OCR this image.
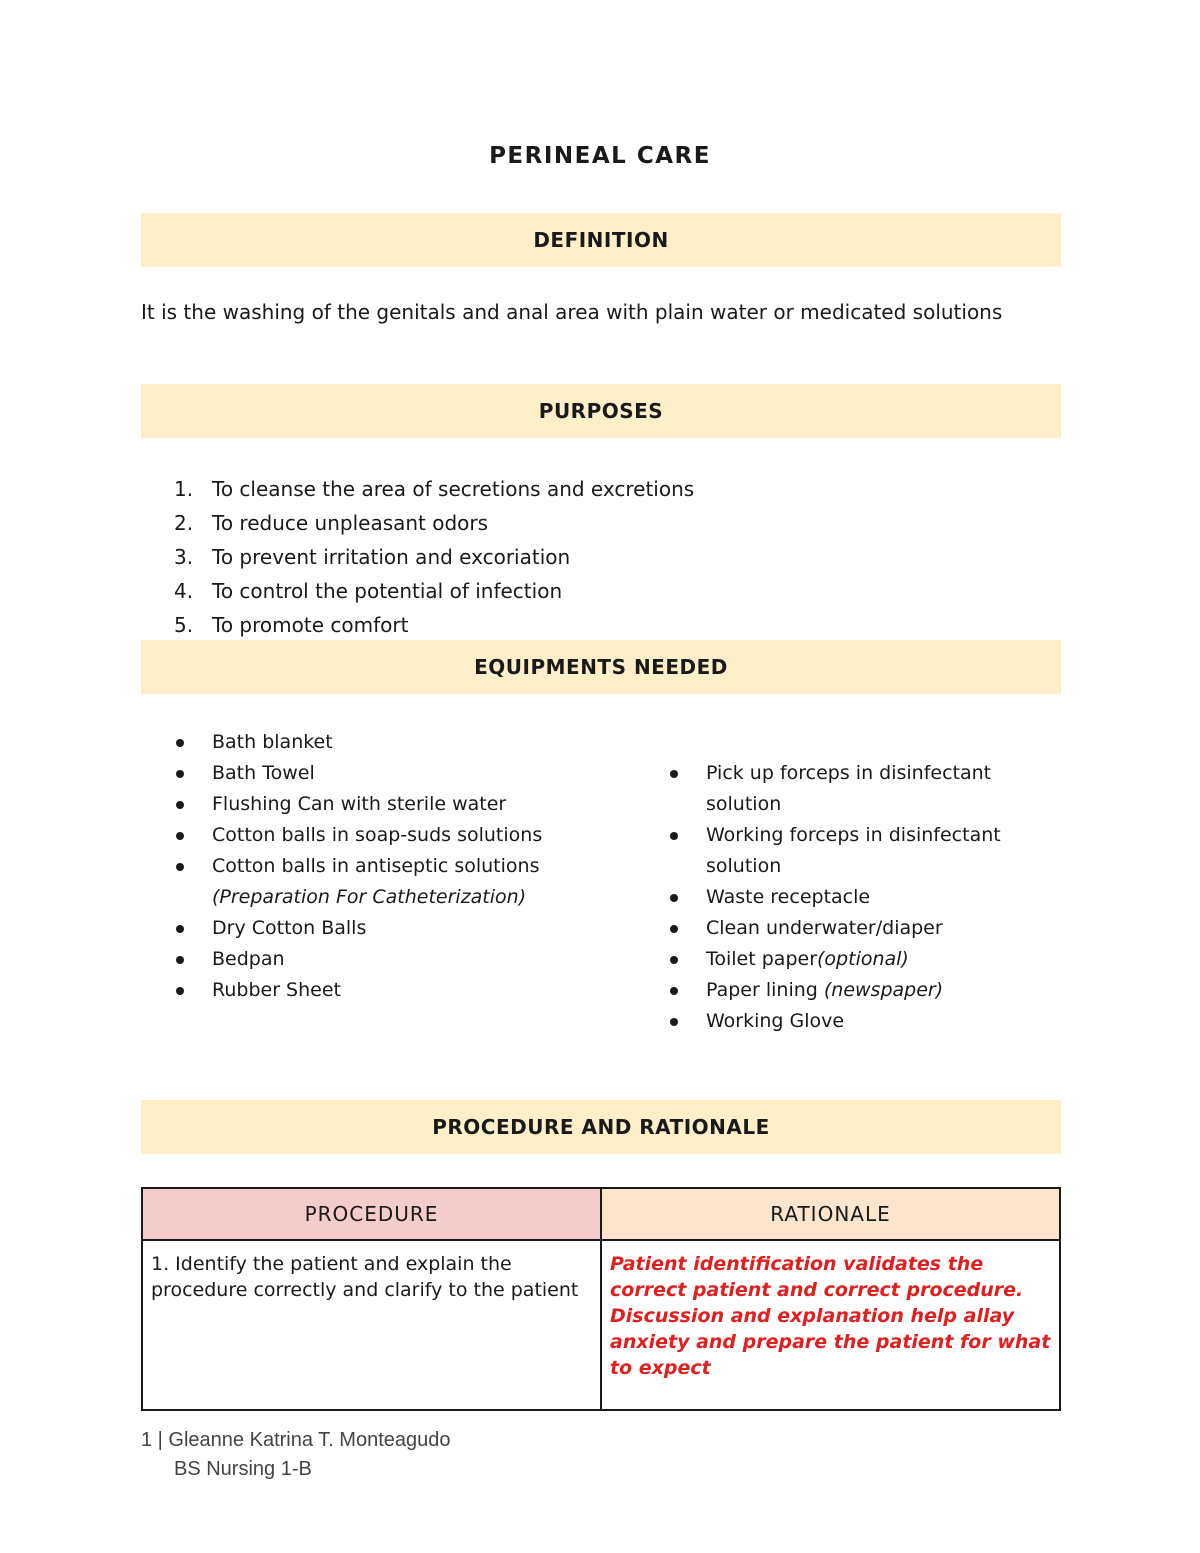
PERINEAL CARE
DEFINITION

It is the washing of the genitals and anal area with plain water or medicated solutions

PURPOSES
1. To cleanse the area of secretions and excretions
2. To reduce unpleasant odors
3. To prevent irritation and excoriation
4. To control the potential of infection
5. To promote comfort
EQUIPMENTS NEEDED
Bath blanket
Bath Towel
Flushing Can with sterile water
Cotton balls in soap-suds solutions
Cotton balls in antiseptic solutions (Preparation For Catheterization)
Dry Cotton Balls
Bedpan
Rubber Sheet
Pick up forceps in disinfectant solution
Working forceps in disinfectant solution
Waste receptacle
Clean underwater/diaper
Toilet paper(optional)
Paper lining (newspaper)
Working Glove
PROCEDURE AND RATIONALE
PROCEDURE	RATIONALE
1. Identify the patient and explain the procedure correctly and clarify to the patient	Patient identification validates the correct patient and correct procedure. Discussion and explanation help allay anxiety and prepare the patient for what to expect
1 | Gleanne Katrina T. Monteagudo
BS Nursing 1-B
